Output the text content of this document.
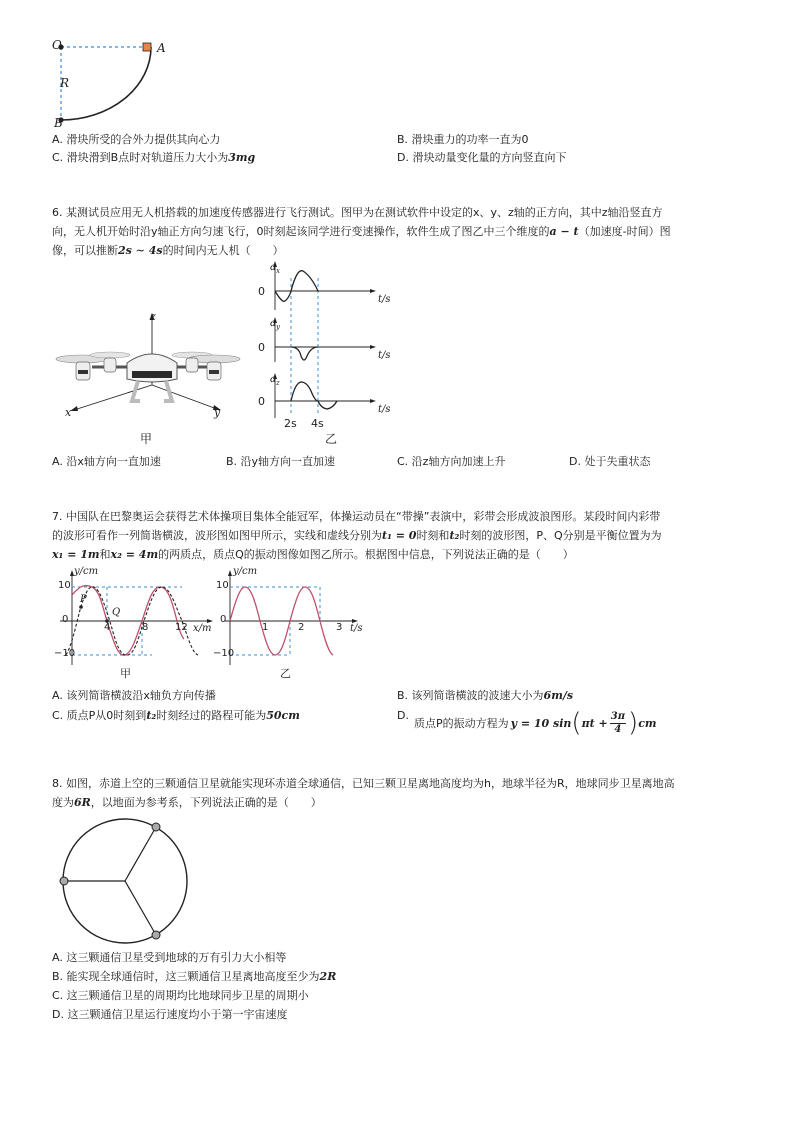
O	A
R
B
A. 滑块所受的合外力提供其向心力	B. 滑块重力的功率一直为0
C. 滑块滑到B点时对轨道压力大小为3mg	D. 滑块动量变化量的方向竖直向下
6. 某测试员应用无人机搭载的加速度传感器进行飞行测试。图甲为在测试软件中设定的x、y、z轴的正方向，其中z轴沿竖直方
向，无人机开始时沿y轴正方向匀速飞行，0时刻起该同学进行变速操作，软件生成了图乙中三个维度的a − t（加速度-时间）图
像，可以推断2s ∼ 4s的时间内无人机（　　）
z
x	y
甲
$a_x$
0
t/s
$a_y$
0
t/s
$a_z$
0
t/s
2s 4s
乙
A. 沿x轴方向一直加速	B. 沿y轴方向一直加速	C. 沿z轴方向加速上升	D. 处于失重状态
7. 中国队在巴黎奥运会获得艺术体操项目集体全能冠军，体操运动员在“带操”表演中，彩带会形成波浪图形。某段时间内彩带
的波形可看作一列简谐横波，波形图如图甲所示，实线和虚线分别为t₁ = 0时刻和t₂时刻的波形图，P、Q分别是平衡位置为为
x₁ = 1m和x₂ = 4m的两质点，质点Q的振动图像如图乙所示。根据图中信息，下列说法正确的是（　　）
y/cm
10
0
−10
P
Q
4	8	12 x/m
甲
y/cm
10
0
−10
1	2	3 t/s
乙
A. 该列简谐横波沿x轴负方向传播	B. 该列简谐横波的波速大小为6m/s
C. 质点P从0时刻到t₂时刻经过的路程可能为50cm	D.
质点P的振动方程为 y = 10 sin ( $\pi t + \frac{3\pi}{4}$ ) cm
8. 如图，赤道上空的三颗通信卫星就能实现环赤道全球通信，已知三颗卫星离地高度均为h，地球半径为R，地球同步卫星离地高
度为6R，以地面为参考系，下列说法正确的是（　　）
A. 这三颗通信卫星受到地球的万有引力大小相等
B. 能实现全球通信时，这三颗通信卫星离地高度至少为2R
C. 这三颗通信卫星的周期均比地球同步卫星的周期小
D. 这三颗通信卫星运行速度均小于第一宇宙速度
